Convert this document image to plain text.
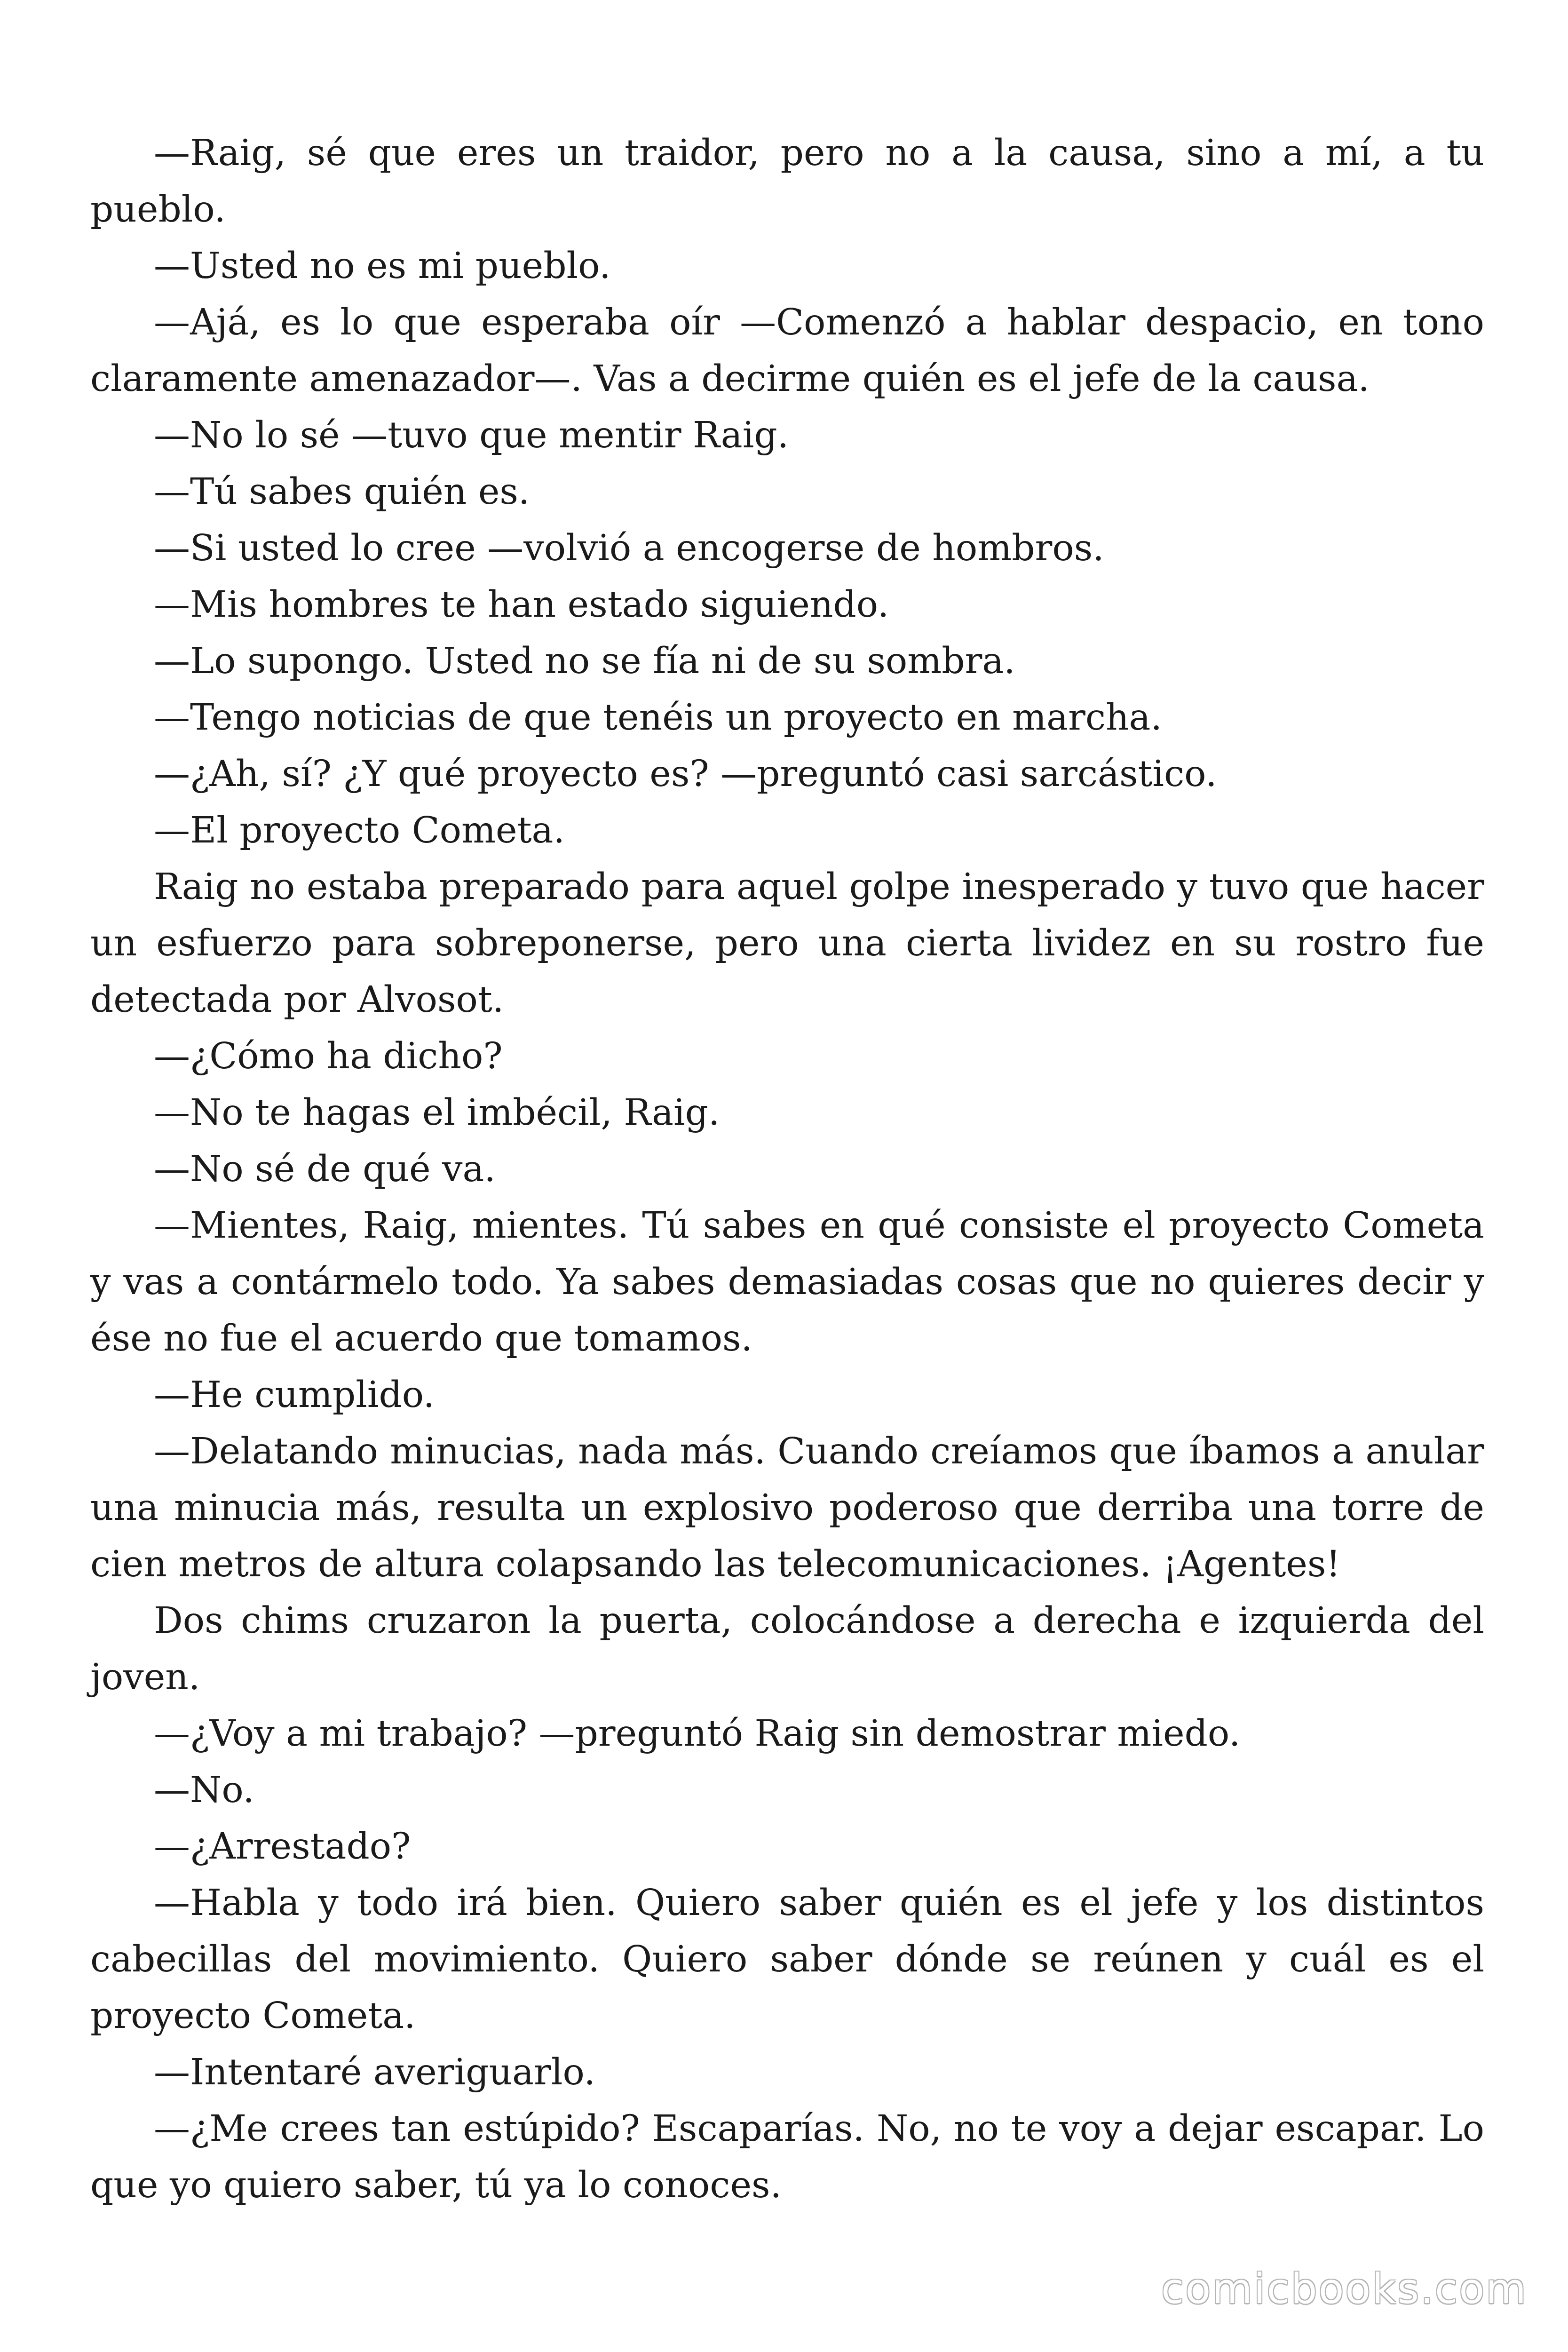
—Raig, sé que eres un traidor, pero no a la causa, sino a mí, a tu pueblo.

—Usted no es mi pueblo.

—Ajá, es lo que esperaba oír —Comenzó a hablar despacio, en tono claramente amenazador—. Vas a decirme quién es el jefe de la causa.

—No lo sé —tuvo que mentir Raig.

—Tú sabes quién es.

—Si usted lo cree —volvió a encogerse de hombros.

—Mis hombres te han estado siguiendo.

—Lo supongo. Usted no se fía ni de su sombra.

—Tengo noticias de que tenéis un proyecto en marcha.

—¿Ah, sí? ¿Y qué proyecto es? —preguntó casi sarcástico.

—El proyecto Cometa.

Raig no estaba preparado para aquel golpe inesperado y tuvo que hacer un esfuerzo para sobreponerse, pero una cierta lividez en su rostro fue detectada por Alvosot.

—¿Cómo ha dicho?

—No te hagas el imbécil, Raig.

—No sé de qué va.

—Mientes, Raig, mientes. Tú sabes en qué consiste el proyecto Cometa y vas a contármelo todo. Ya sabes demasiadas cosas que no quieres decir y ése no fue el acuerdo que tomamos.

—He cumplido.

—Delatando minucias, nada más. Cuando creíamos que íbamos a anular una minucia más, resulta un explosivo poderoso que derriba una torre de cien metros de altura colapsando las telecomunicaciones. ¡Agentes!

Dos chims cruzaron la puerta, colocándose a derecha e izquierda del joven.

—¿Voy a mi trabajo? —preguntó Raig sin demostrar miedo.

—No.

—¿Arrestado?

—Habla y todo irá bien. Quiero saber quién es el jefe y los distintos cabecillas del movimiento. Quiero saber dónde se reúnen y cuál es el proyecto Cometa.

—Intentaré averiguarlo.

—¿Me crees tan estúpido? Escaparías. No, no te voy a dejar escapar. Lo que yo quiero saber, tú ya lo conoces.

comicbooks.com
